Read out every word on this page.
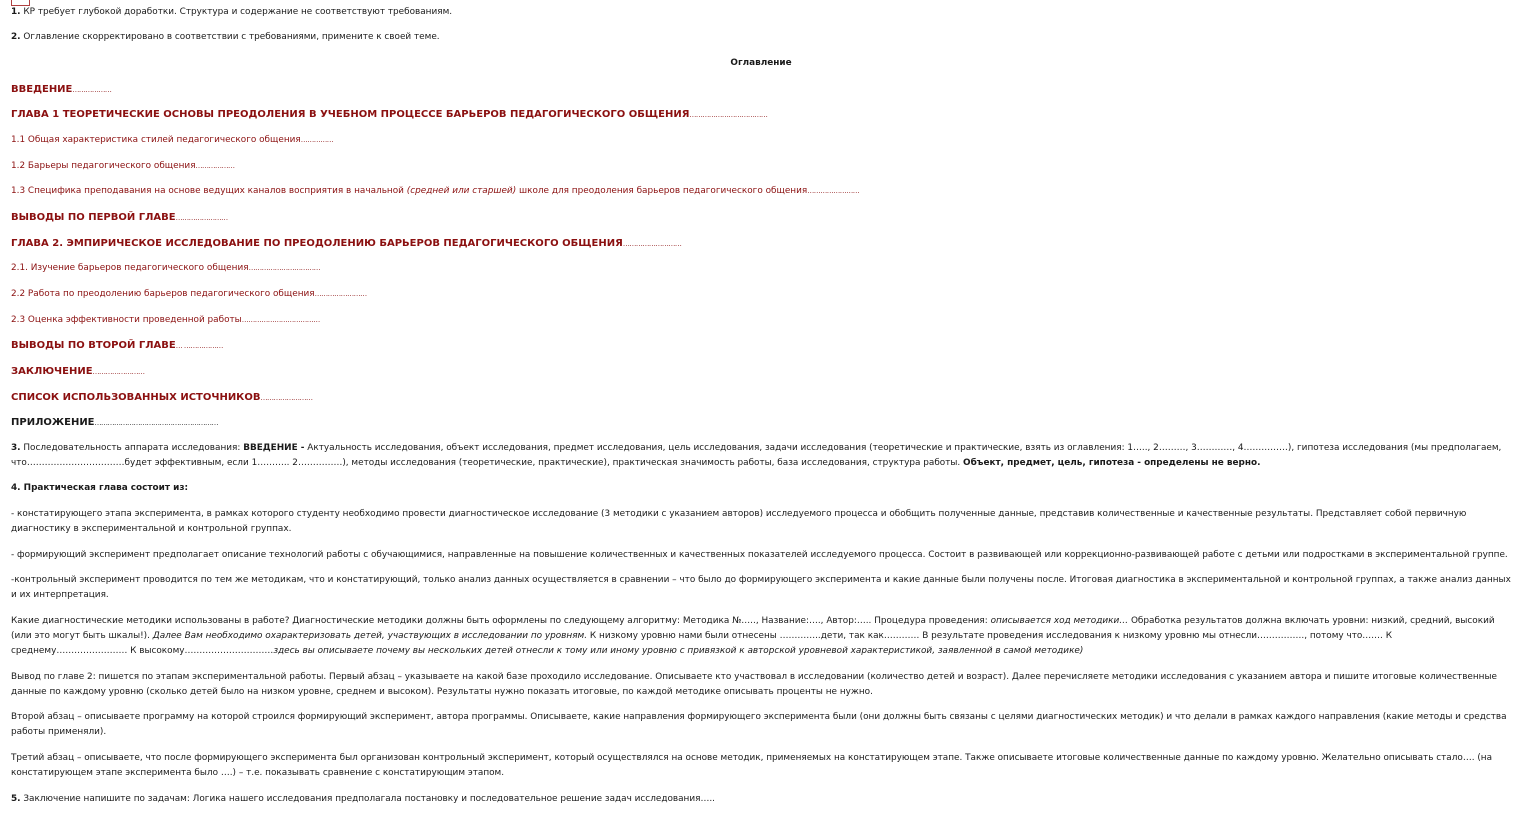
1. КР требует глубокой доработки. Структура и содержание не соответствуют требованиям.
2. Оглавление скорректировано в соответствии с требованиями, примените к своей теме.
Оглавление
ВВЕДЕНИЕ………………
ГЛАВА 1 ТЕОРЕТИЧЕСКИЕ ОСНОВЫ ПРЕОДОЛЕНИЯ В УЧЕБНОМ ПРОЦЕССЕ БАРЬЕРОВ ПЕДАГОГИЧЕСКОГО ОБЩЕНИЯ………………………………
1.1 Общая характеристика стилей педагогического общения……………
1.2 Барьеры педагогического общения………………
1.3 Специфика преподавания на основе ведущих каналов восприятия в начальной (средней или старшей) школе для преодоления барьеров педагогического общения……………………
ВЫВОДЫ ПО ПЕРВОЙ ГЛАВЕ……………………
ГЛАВА 2. ЭМПИРИЧЕСКОЕ ИССЛЕДОВАНИЕ ПО ПРЕОДОЛЕНИЮ БАРЬЕРОВ ПЕДАГОГИЧЕСКОГО ОБЩЕНИЯ………………………
2.1. Изучение барьеров педагогического общения……………………………
2.2 Работа по преодолению барьеров педагогического общения……………………
2.3 Оценка эффективности проведенной работы………………………………
ВЫВОДЫ ПО ВТОРОЙ ГЛАВЕ… ………………
ЗАКЛЮЧЕНИЕ……………………
СПИСОК ИСПОЛЬЗОВАННЫХ ИСТОЧНИКОВ……………………
ПРИЛОЖЕНИЕ…………………………………………………
3. Последовательность аппарата исследования: ВВЕДЕНИЕ - Актуальность исследования, объект исследования, предмет исследования, цель исследования, задачи исследования (теоретические и практические, взять из оглавления: 1….., 2………, 3…………, 4……………), гипотеза исследования (мы предполагаем, что……………………………будет эффективным, если 1……….. 2……………), методы исследования (теоретические, практические), практическая значимость работы, база исследования, структура работы. Объект, предмет, цель, гипотеза - определены не верно.
4. Практическая глава состоит из:
- констатирующего этапа эксперимента, в рамках которого студенту необходимо провести диагностическое исследование (3 методики с указанием авторов) исследуемого процесса и обобщить полученные данные, представив количественные и качественные результаты. Представляет собой первичную диагностику в экспериментальной и контрольной группах.
- формирующий эксперимент предполагает описание технологий работы с обучающимися, направленные на повышение количественных и качественных показателей исследуемого процесса. Состоит в развивающей или коррекционно-развивающей работе с детьми или подростками в экспериментальной группе.
-контрольный эксперимент проводится по тем же методикам, что и констатирующий, только анализ данных осуществляется в сравнении – что было до формирующего эксперимента и какие данные были получены после. Итоговая диагностика в экспериментальной и контрольной группах, а также анализ данных и их интерпретация.
Какие диагностические методики использованы в работе? Диагностические методики должны быть оформлены по следующему алгоритму: Методика №….., Название:…., Автор:….. Процедура проведения: описывается ход методики… Обработка результатов должна включать уровни: низкий, средний, высокий (или это могут быть шкалы!). Далее Вам необходимо охарактеризовать детей, участвующих в исследовании по уровням. К низкому уровню нами были отнесены …………..дети, так как………… В результате проведения исследования к низкому уровню мы отнесли……………., потому что……. К среднему…………………… К высокому…………………………здесь вы описываете почему вы нескольких детей отнесли к тому или иному уровню с привязкой к авторской уровневой характеристикой, заявленной в самой методике)
Вывод по главе 2: пишется по этапам экспериментальной работы. Первый абзац – указываете на какой базе проходило исследование. Описываете кто участвовал в исследовании (количество детей и возраст). Далее перечисляете методики исследования с указанием автора и пишите итоговые количественные данные по каждому уровню (сколько детей было на низком уровне, среднем и высоком). Результаты нужно показать итоговые, по каждой методике описывать проценты не нужно.
Второй абзац – описываете программу на которой строился формирующий эксперимент, автора программы. Описываете, какие направления формирующего эксперимента были (они должны быть связаны с целями диагностических методик) и что делали в рамках каждого направления (какие методы и средства работы применяли).
Третий абзац – описываете, что после формирующего эксперимента был организован контрольный эксперимент, который осуществлялся на основе методик, применяемых на констатирующем этапе. Также описываете итоговые количественные данные по каждому уровню. Желательно описывать стало…. (на констатирующем этапе эксперимента было ….) – т.е. показывать сравнение с констатирующим этапом.
5. Заключение напишите по задачам: Логика нашего исследования предполагала постановку и последовательное решение задач исследования…..
